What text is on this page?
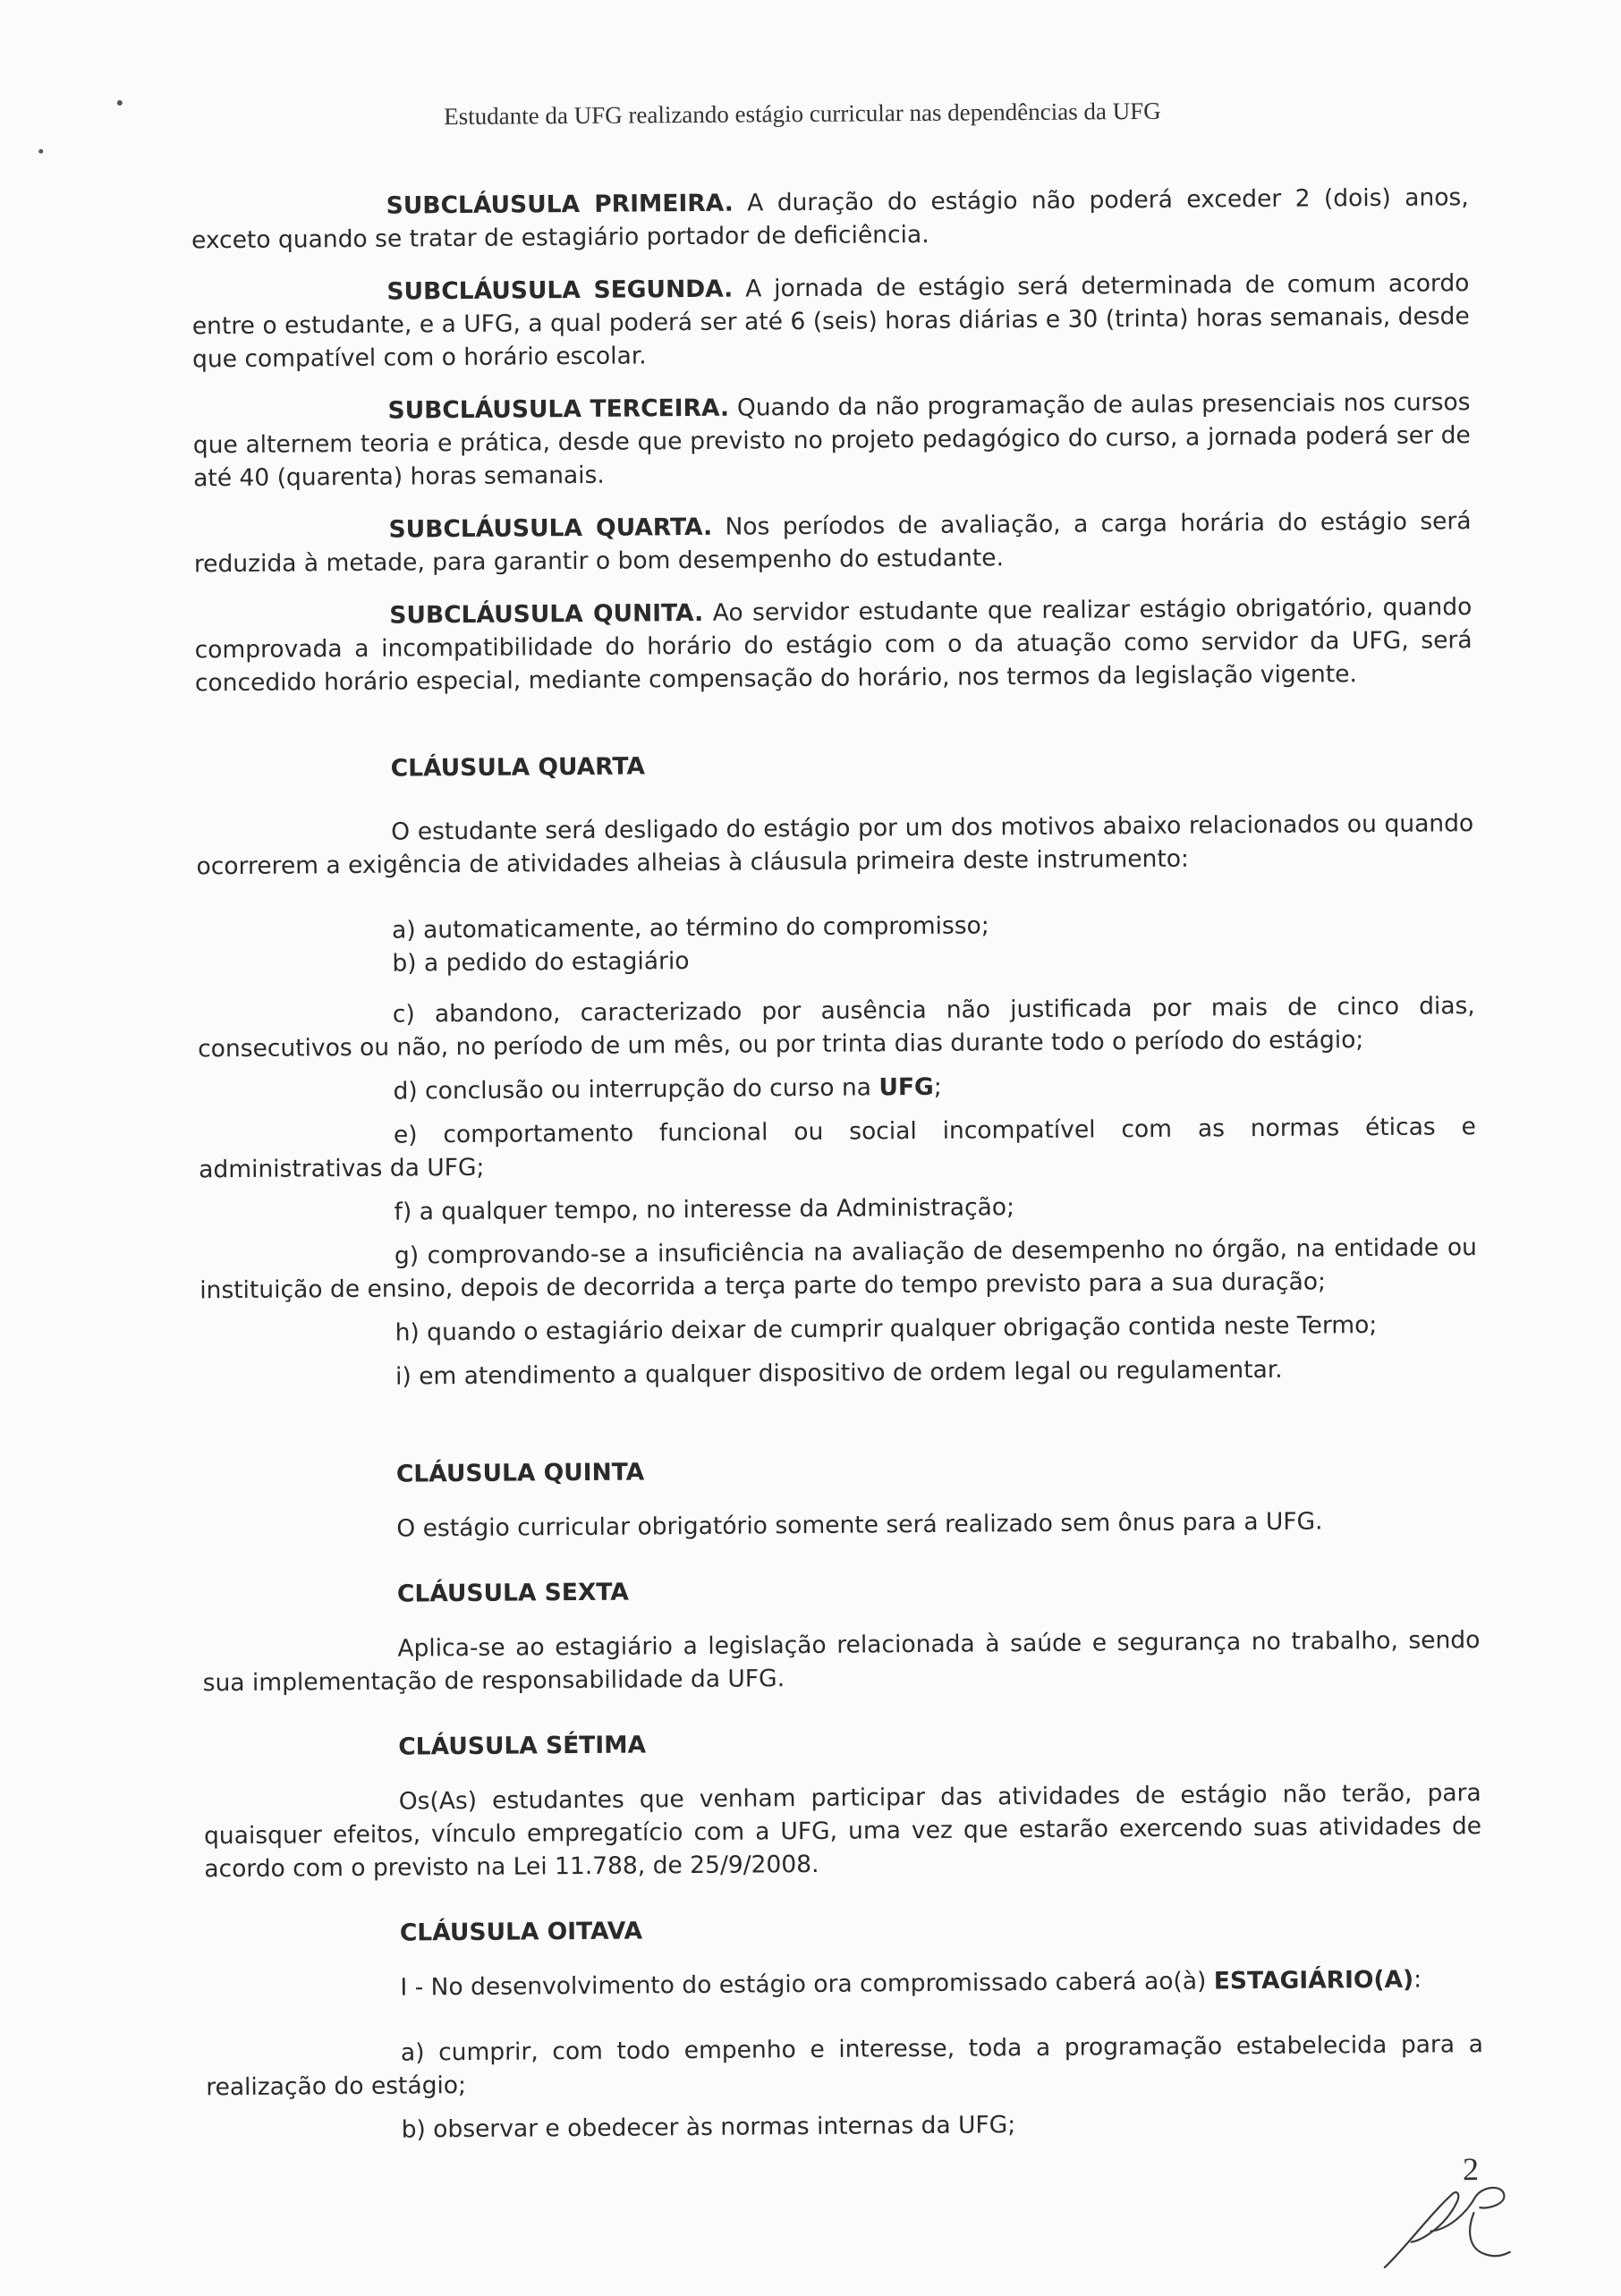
Estudante da UFG realizando estágio curricular nas dependências da UFG

SUBCLÁUSULA PRIMEIRA. A duração do estágio não poderá exceder 2 (dois) anos, exceto quando se tratar de estagiário portador de deficiência.

SUBCLÁUSULA SEGUNDA. A jornada de estágio será determinada de comum acordo entre o estudante, e a UFG, a qual poderá ser até 6 (seis) horas diárias e 30 (trinta) horas semanais, desde que compatível com o horário escolar.

SUBCLÁUSULA TERCEIRA. Quando da não programação de aulas presenciais nos cursos que alternem teoria e prática, desde que previsto no projeto pedagógico do curso, a jornada poderá ser de até 40 (quarenta) horas semanais.

SUBCLÁUSULA QUARTA. Nos períodos de avaliação, a carga horária do estágio será reduzida à metade, para garantir o bom desempenho do estudante.

SUBCLÁUSULA QUNITA. Ao servidor estudante que realizar estágio obrigatório, quando comprovada a incompatibilidade do horário do estágio com o da atuação como servidor da UFG, será concedido horário especial, mediante compensação do horário, nos termos da legislação vigente.

CLÁUSULA QUARTA

O estudante será desligado do estágio por um dos motivos abaixo relacionados ou quando ocorrerem a exigência de atividades alheias à cláusula primeira deste instrumento:

a) automaticamente, ao término do compromisso;

b) a pedido do estagiário

c) abandono, caracterizado por ausência não justificada por mais de cinco dias, consecutivos ou não, no período de um mês, ou por trinta dias durante todo o período do estágio;

d) conclusão ou interrupção do curso na UFG;

e) comportamento funcional ou social incompatível com as normas éticas e administrativas da UFG;

f) a qualquer tempo, no interesse da Administração;

g) comprovando-se a insuficiência na avaliação de desempenho no órgão, na entidade ou instituição de ensino, depois de decorrida a terça parte do tempo previsto para a sua duração;

h) quando o estagiário deixar de cumprir qualquer obrigação contida neste Termo;

i) em atendimento a qualquer dispositivo de ordem legal ou regulamentar.

CLÁUSULA QUINTA

O estágio curricular obrigatório somente será realizado sem ônus para a UFG.

CLÁUSULA SEXTA

Aplica-se ao estagiário a legislação relacionada à saúde e segurança no trabalho, sendo sua implementação de responsabilidade da UFG.

CLÁUSULA SÉTIMA

Os(As) estudantes que venham participar das atividades de estágio não terão, para quaisquer efeitos, vínculo empregatício com a UFG, uma vez que estarão exercendo suas atividades de acordo com o previsto na Lei 11.788, de 25/9/2008.

CLÁUSULA OITAVA

I - No desenvolvimento do estágio ora compromissado caberá ao(à) ESTAGIÁRIO(A):

a) cumprir, com todo empenho e interesse, toda a programação estabelecida para a realização do estágio;

b) observar e obedecer às normas internas da UFG;

2
